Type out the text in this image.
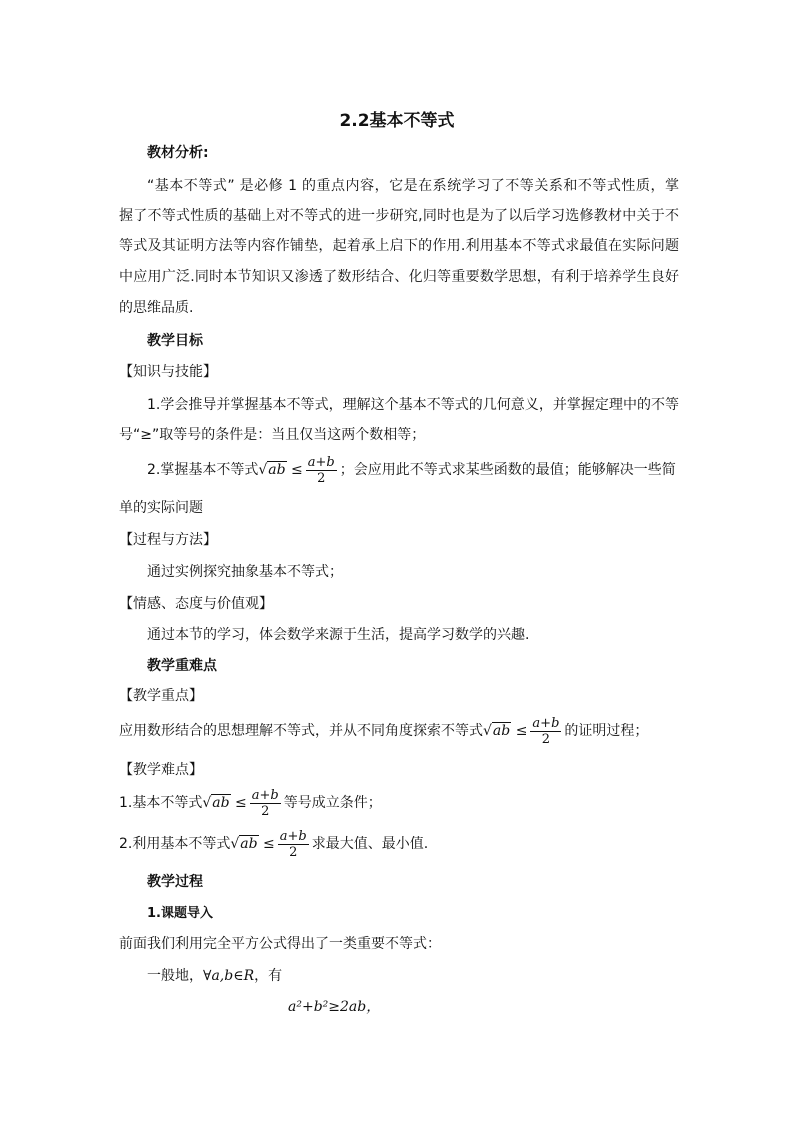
2.2基本不等式
教材分析:
“基本不等式” 是必修 1 的重点内容，它是在系统学习了不等关系和不等式性质，掌
握了不等式性质的基础上对不等式的进一步研究,同时也是为了以后学习选修教材中关于不
等式及其证明方法等内容作铺垫，起着承上启下的作用.利用基本不等式求最值在实际问题
中应用广泛.同时本节知识又渗透了数形结合、化归等重要数学思想，有利于培养学生良好
的思维品质.
教学目标
【知识与技能】
1.学会推导并掌握基本不等式，理解这个基本不等式的几何意义，并掌握定理中的不等
号“≥”取等号的条件是：当且仅当这两个数相等；
2.掌握基本不等式$√ab \le \frac{a+b}{2}$ ；会应用此不等式求某些函数的最值；能够解决一些简
单的实际问题
【过程与方法】
通过实例探究抽象基本不等式；
【情感、态度与价值观】
通过本节的学习，体会数学来源于生活，提高学习数学的兴趣.
教学重难点
【教学重点】
应用数形结合的思想理解不等式，并从不同角度探索不等式$√ab \le \frac{a+b}{2}$ 的证明过程；
【教学难点】
1.基本不等式$√ab \le \frac{a+b}{2}$ 等号成立条件；
2.利用基本不等式$√ab \le \frac{a+b}{2}$ 求最大值、最小值.
教学过程
1.课题导入
前面我们利用完全平方公式得出了一类重要不等式：
一般地，∀a,b∈R，有
a²+b²≥2ab，
